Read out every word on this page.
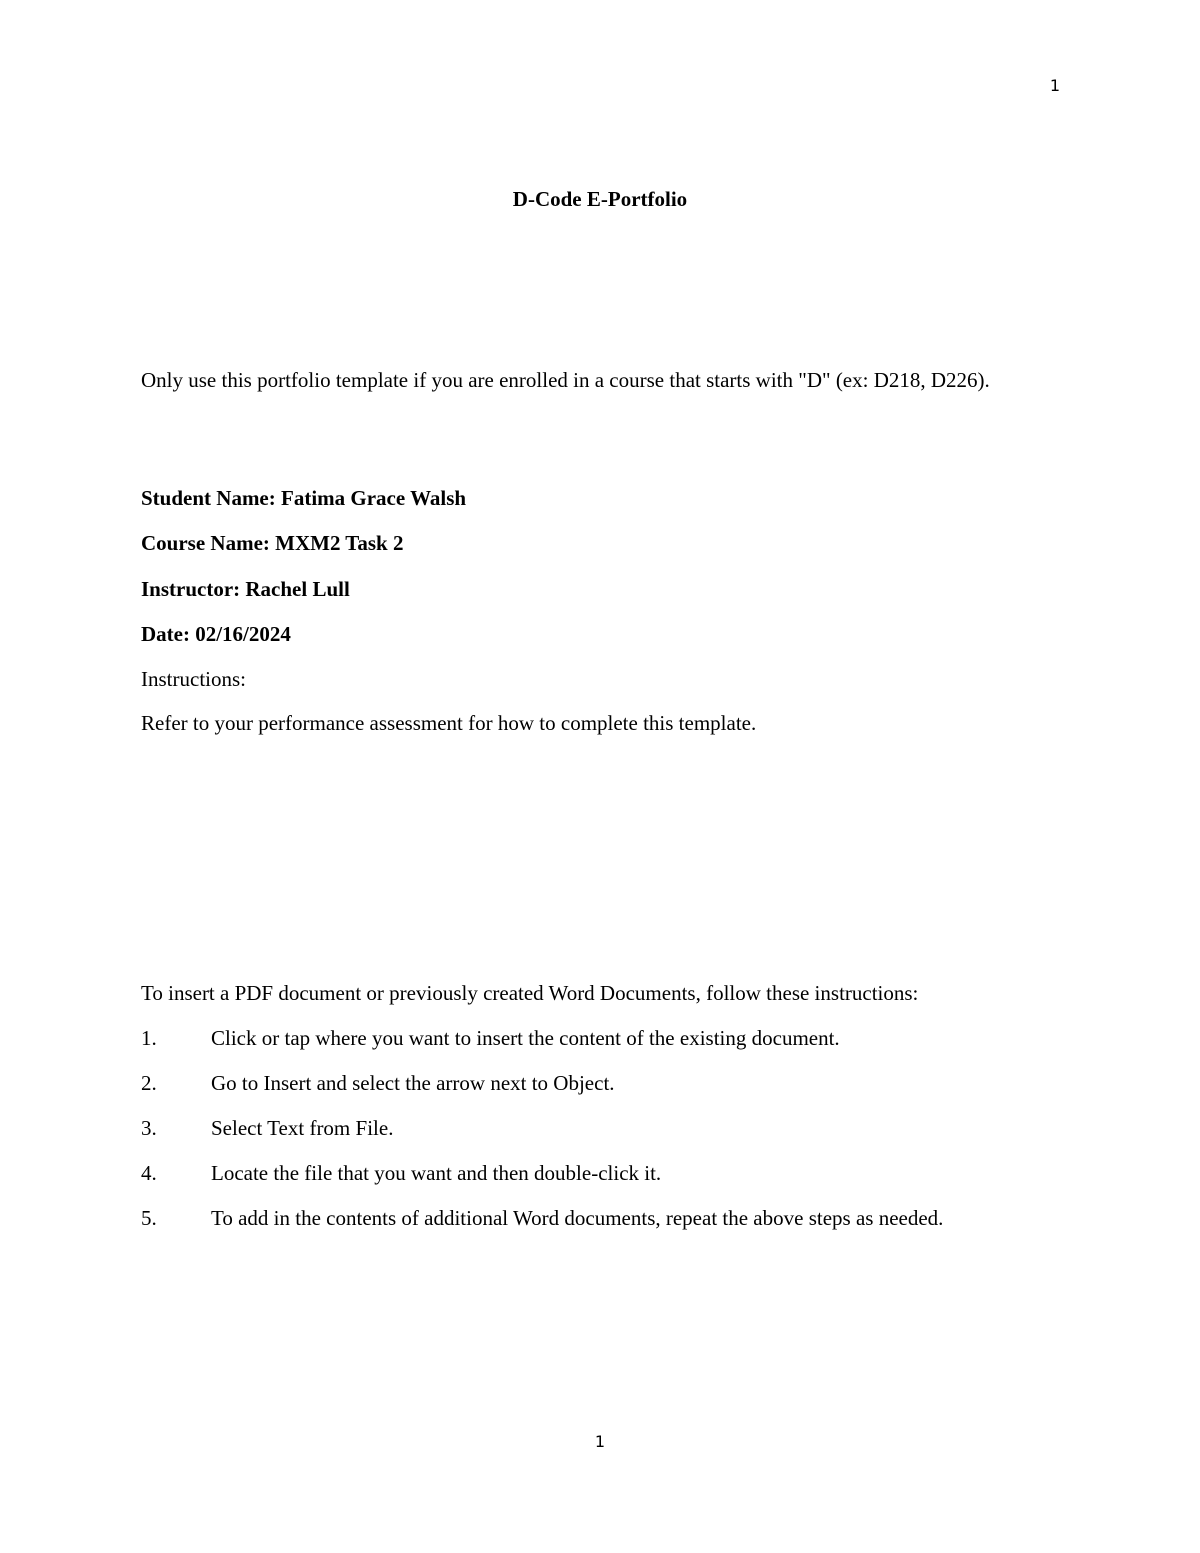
1
D-Code E-Portfolio

Only use this portfolio template if you are enrolled in a course that starts with "D" (ex: D218, D226).

Student Name: Fatima Grace Walsh
Course Name: MXM2 Task 2
Instructor: Rachel Lull
Date: 02/16/2024
Instructions:
Refer to your performance assessment for how to complete this template.
To insert a PDF document or previously created Word Documents, follow these instructions:
1.	Click or tap where you want to insert the content of the existing document.
2.	Go to Insert and select the arrow next to Object.
3.	Select Text from File.
4.	Locate the file that you want and then double-click it.
5.	To add in the contents of additional Word documents, repeat the above steps as needed.
1
